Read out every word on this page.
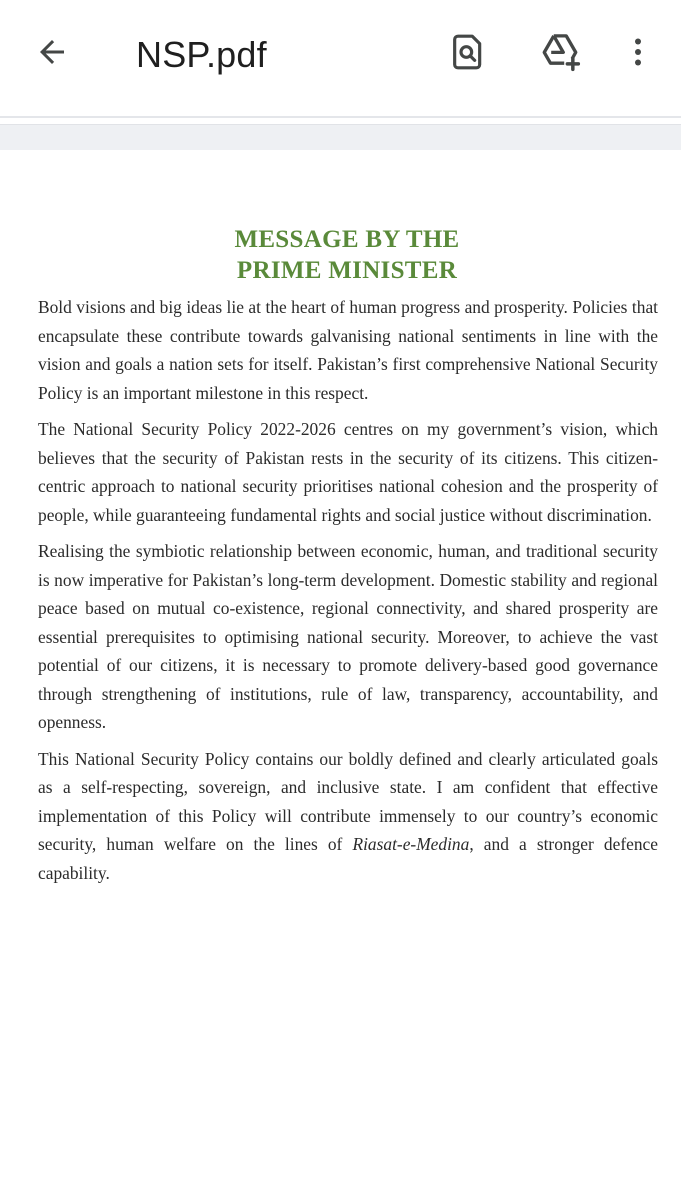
NSP.pdf
MESSAGE BY THE
PRIME MINISTER

Bold visions and big ideas lie at the heart of human progress and prosperity. Policies that encapsulate these contribute towards galvanising national sentiments in line with the vision and goals a nation sets for itself. Pakistan’s first comprehensive National Security Policy is an important milestone in this respect.

The National Security Policy 2022-2026 centres on my government’s vision, which believes that the security of Pakistan rests in the security of its citizens. This citizen-centric approach to national security prioritises national cohesion and the prosperity of people, while guaranteeing fundamental rights and social justice without discrimination.

Realising the symbiotic relationship between economic, human, and traditional security is now imperative for Pakistan’s long-term development. Domestic stability and regional peace based on mutual co-existence, regional connectivity, and shared prosperity are essential prerequisites to optimising national security. Moreover, to achieve the vast potential of our citizens, it is necessary to promote delivery-based good governance through strengthening of institutions, rule of law, transparency, accountability, and openness.

This National Security Policy contains our boldly defined and clearly articulated goals as a self-respecting, sovereign, and inclusive state. I am confident that effective implementation of this Policy will contribute immensely to our country’s economic security, human welfare on the lines of Riasat-e-Medina, and a stronger defence capability.
